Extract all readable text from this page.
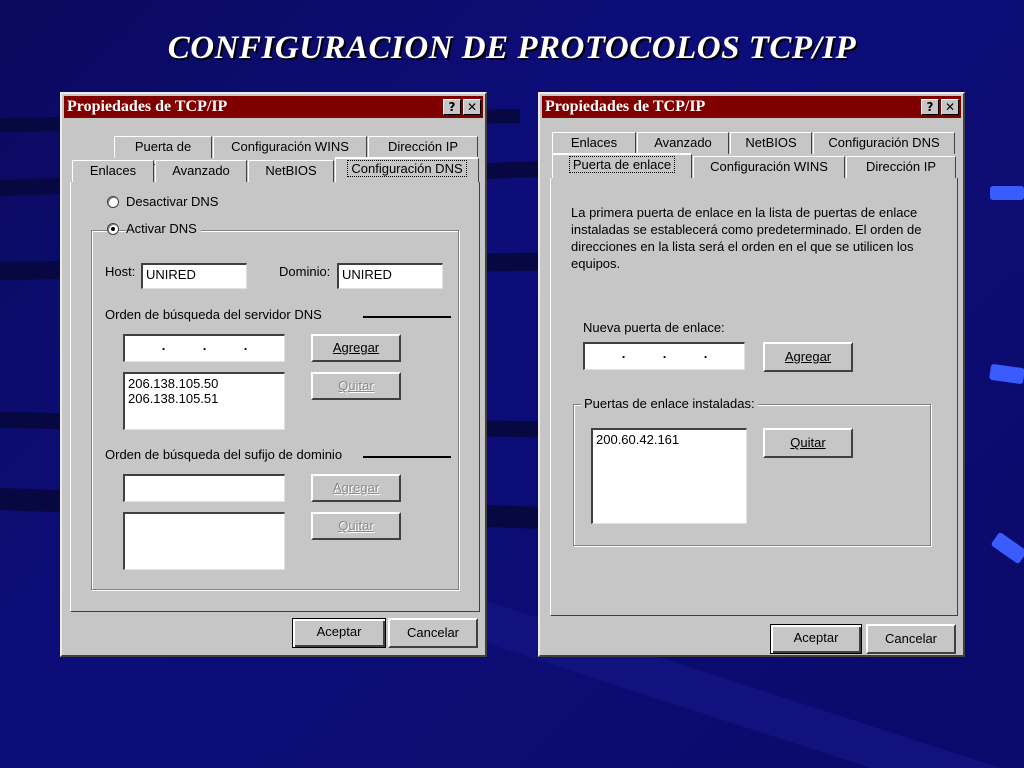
CONFIGURACION DE PROTOCOLOS TCP/IP
Propiedades de TCP/IP	? ✕
Puerta de	Configuración WINS	Dirección IP
Enlaces	Avanzado	NetBIOS	Configuración DNS
Desactivar DNS
Activar DNS
Host: UNIRED	Dominio: UNIRED
Orden de búsqueda del servidor DNS
.	.	.	Agregar
206.138.105.50
206.138.105.51
Quitar
Orden de búsqueda del sufijo de dominio
Agregar
Quitar
Aceptar	Cancelar
Propiedades de TCP/IP	? ✕
Enlaces	Avanzado	NetBIOS	Configuración DNS
Puerta de enlace	Configuración WINS	Dirección IP
La primera puerta de enlace en la lista de puertas de enlace instaladas se establecerá como predeterminado. El orden de direcciones en la lista será el orden en el que se utilicen los equipos.
Nueva puerta de enlace:
.	.	.	Agregar
Puertas de enlace instaladas:
200.60.42.161	Quitar
Aceptar	Cancelar
